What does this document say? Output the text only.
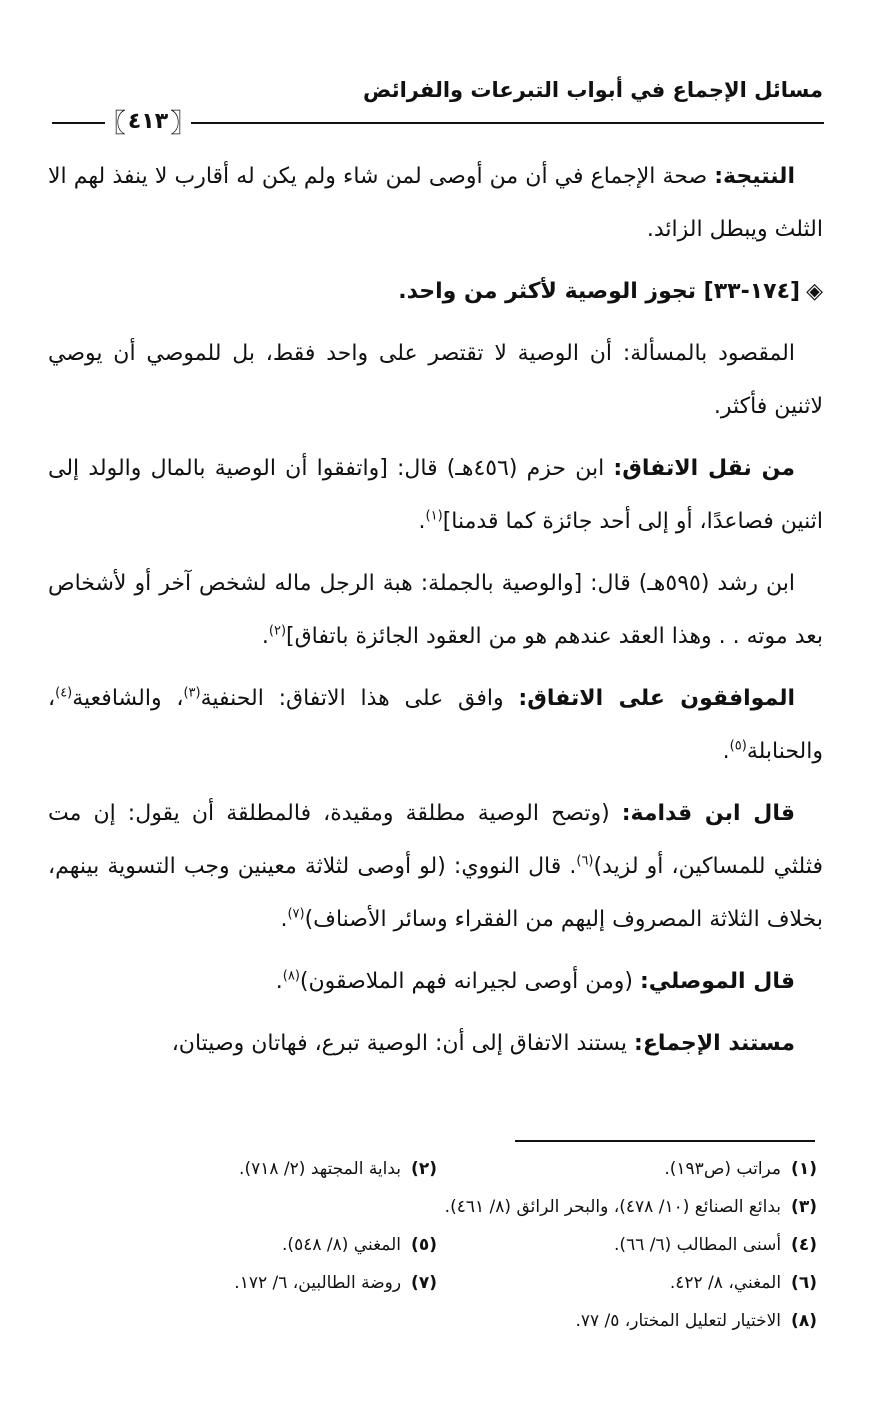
مسائل الإجماع في أبواب التبرعات والفرائض
〖
٤١٣
〗

النتيجة: صحة الإجماع في أن من أوصى لمن شاء ولم يكن له أقارب لا ينفذ لهم الا الثلث ويبطل الزائد.

◈[١٧٤-٣٣] تجوز الوصية لأكثر من واحد.

المقصود بالمسألة: أن الوصية لا تقتصر على واحد فقط، بل للموصي أن يوصي لاثنين فأكثر.

من نقل الاتفاق: ابن حزم (٤٥٦هـ) قال: [واتفقوا أن الوصية بالمال والولد إلى اثنين فصاعدًا، أو إلى أحد جائزة كما قدمنا]$^{(١)}$.

ابن رشد (٥٩٥هـ) قال: [والوصية بالجملة: هبة الرجل ماله لشخص آخر أو لأشخاص بعد موته . . وهذا العقد عندهم هو من العقود الجائزة باتفاق]$^{(٢)}$.

الموافقون على الاتفاق: وافق على هذا الاتفاق: الحنفية$^{(٣)}$، والشافعية$^{(٤)}$، والحنابلة$^{(٥)}$.

قال ابن قدامة: (وتصح الوصية مطلقة ومقيدة، فالمطلقة أن يقول: إن مت فثلثي للمساكين، أو لزيد)$^{(٦)}$. قال النووي: (لو أوصى لثلاثة معينين وجب التسوية بينهم، بخلاف الثلاثة المصروف إليهم من الفقراء وسائر الأصناف)$^{(٧)}$.

قال الموصلي: (ومن أوصى لجيرانه فهم الملاصقون)$^{(٨)}$.

مستند الإجماع: يستند الاتفاق إلى أن: الوصية تبرع، فهاتان وصيتان،

(١)مراتب (ص١٩٣).
(٢)بداية المجتهد (٢/ ٧١٨).
(٣)بدائع الصنائع (١٠/ ٤٧٨)، والبحر الرائق (٨/ ٤٦١).
(٤)أسنى المطالب (٦/ ٦٦).
(٥)المغني (٨/ ٥٤٨).
(٦)المغني، ٨/ ٤٢٢.
(٧)روضة الطالبين، ٦/ ١٧٢.
(٨)الاختيار لتعليل المختار، ٥/ ٧٧.
